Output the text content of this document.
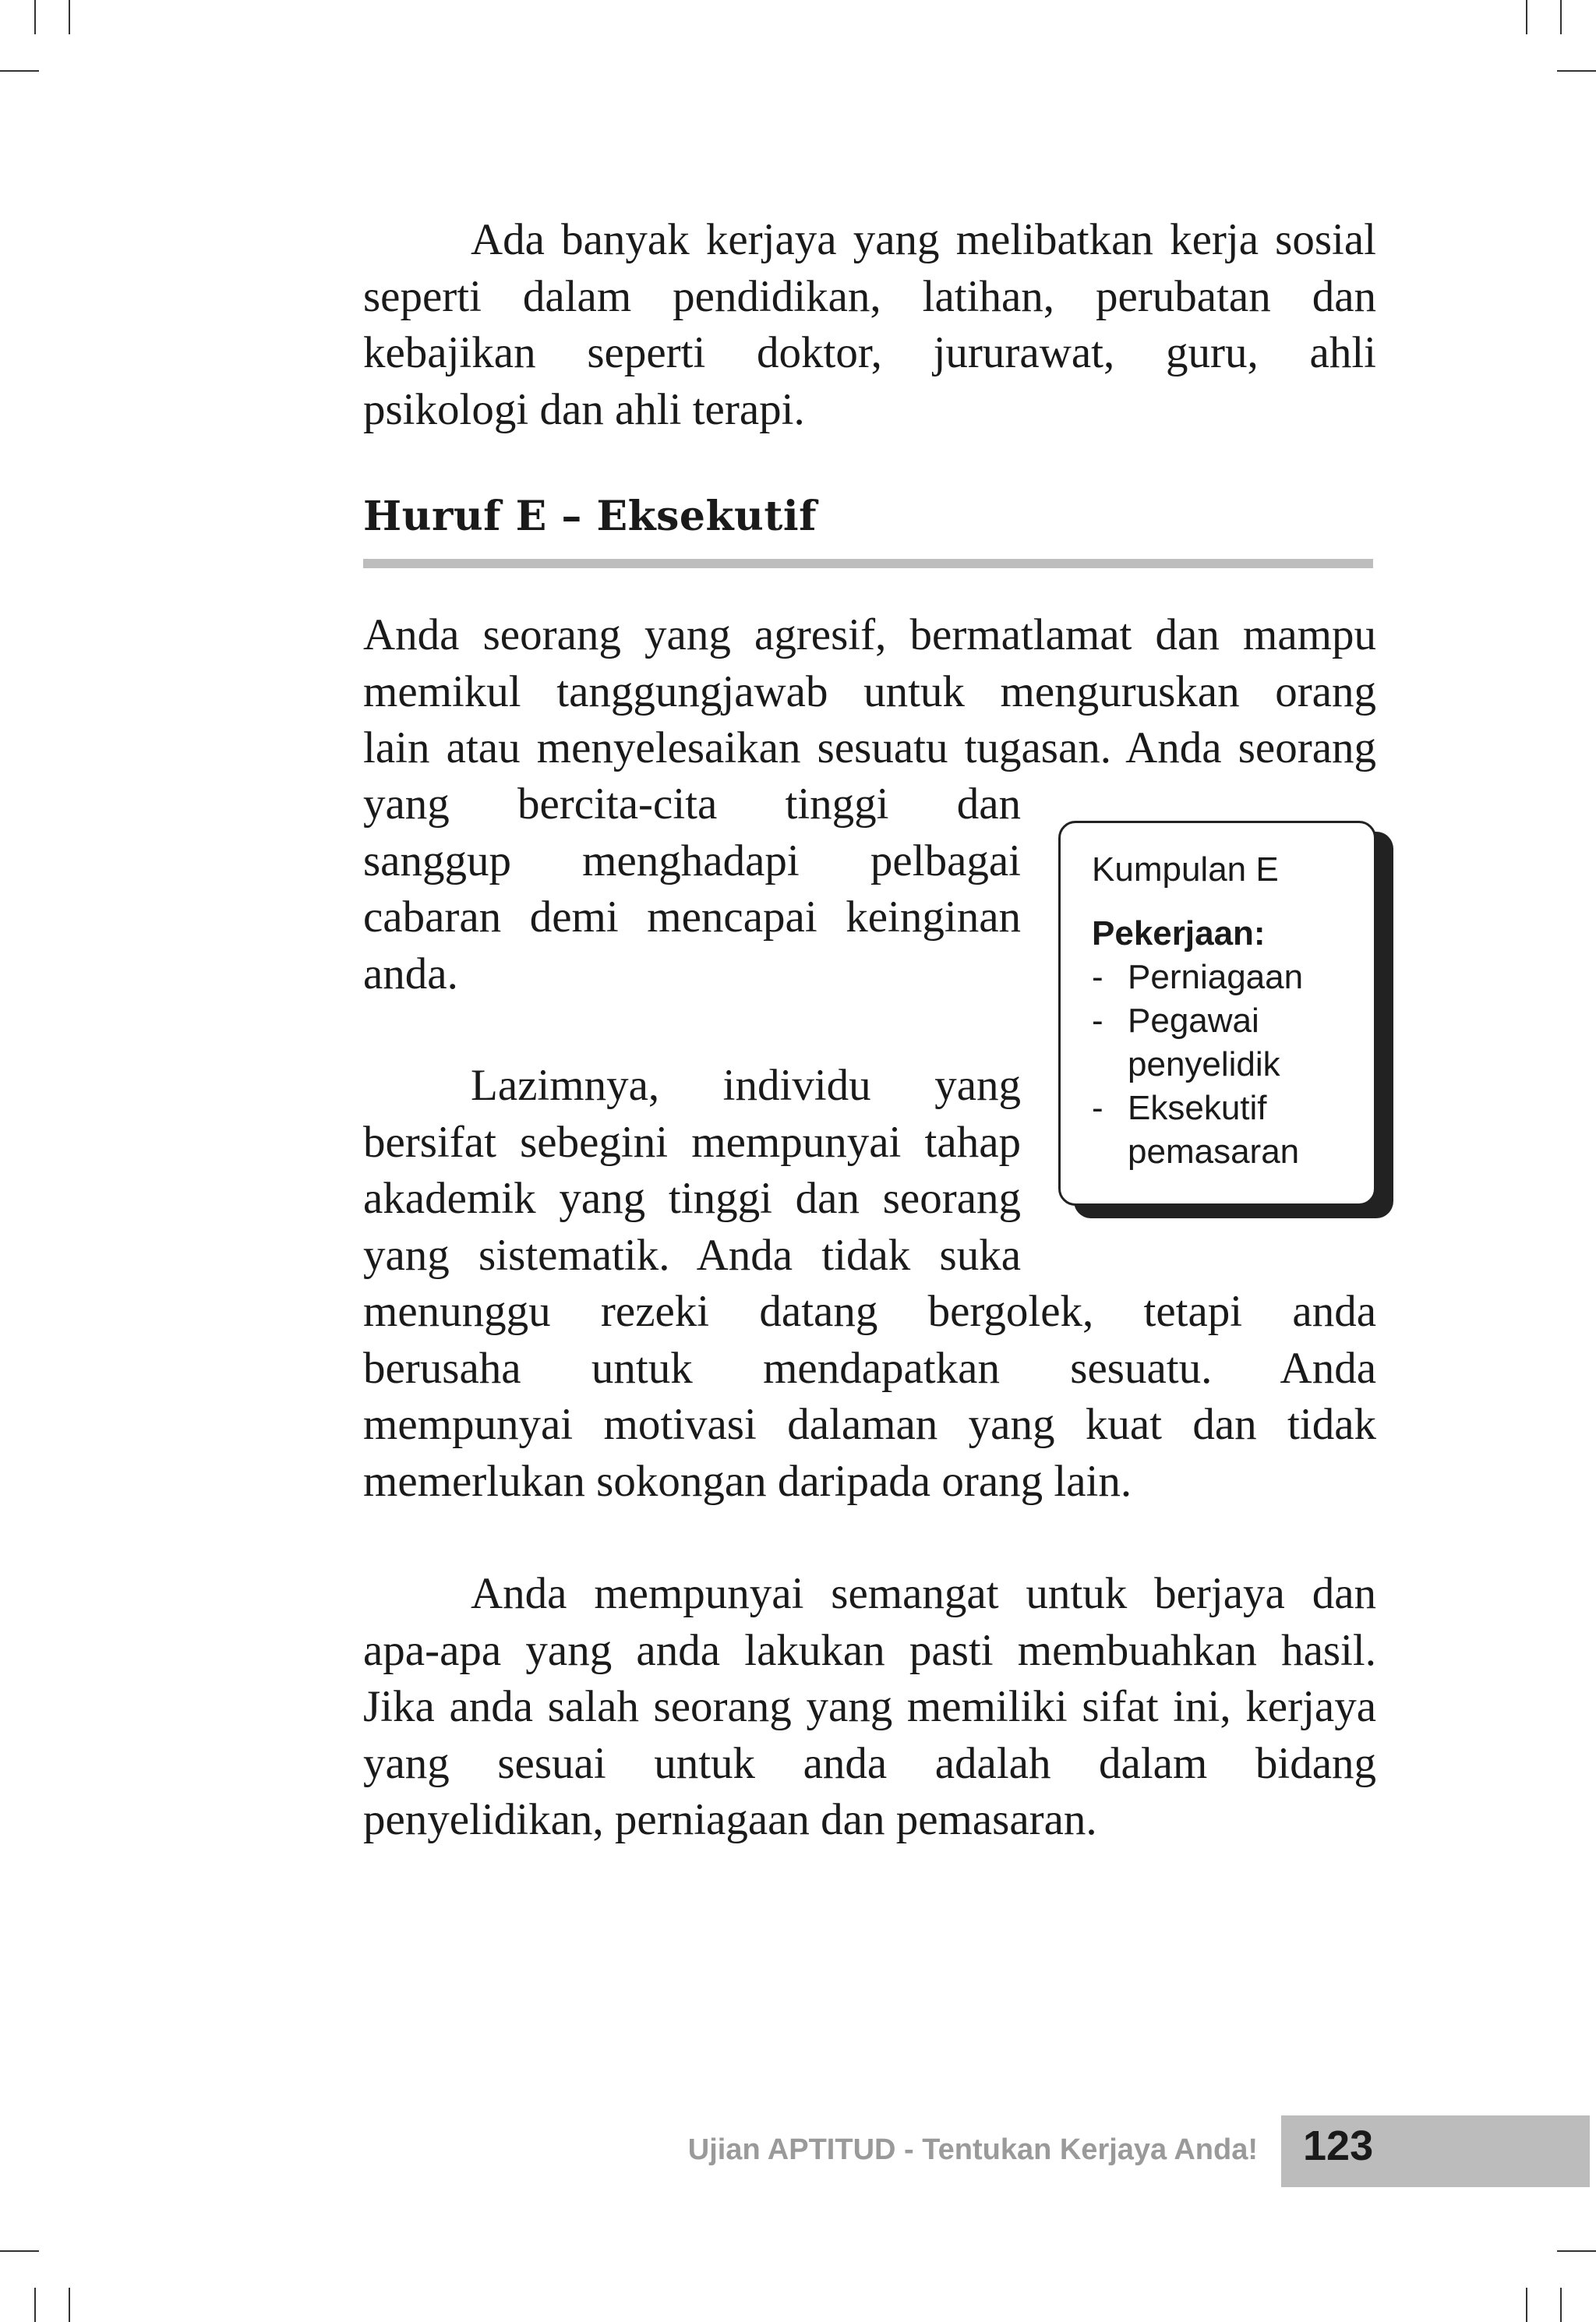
Ada banyak kerjaya yang melibatkan kerja sosial
seperti dalam pendidikan, latihan, perubatan dan
kebajikan seperti doktor, jururawat, guru, ahli
psikologi dan ahli terapi.
Huruf E – Eksekutif
Anda seorang yang agresif, bermatlamat dan mampu
memikul tanggungjawab untuk menguruskan orang
lain atau menyelesaikan sesuatu tugasan. Anda seorang
yang bercita-cita tinggi dan
sanggup menghadapi pelbagai
cabaran demi mencapai keinginan
anda.
Lazimnya, individu yang
bersifat sebegini mempunyai tahap
akademik yang tinggi dan seorang
yang sistematik. Anda tidak suka
menunggu rezeki datang bergolek, tetapi anda
berusaha untuk mendapatkan sesuatu. Anda
mempunyai motivasi dalaman yang kuat dan tidak
memerlukan sokongan daripada orang lain.
Anda mempunyai semangat untuk berjaya dan
apa-apa yang anda lakukan pasti membuahkan hasil.
Jika anda salah seorang yang memiliki sifat ini, kerjaya
yang sesuai untuk anda adalah dalam bidang
penyelidikan, perniagaan dan pemasaran.
Kumpulan E
Pekerjaan:
- Perniagaan
- Pegawai
penyelidik
- Eksekutif
pemasaran
Ujian APTITUD - Tentukan Kerjaya Anda! 123
